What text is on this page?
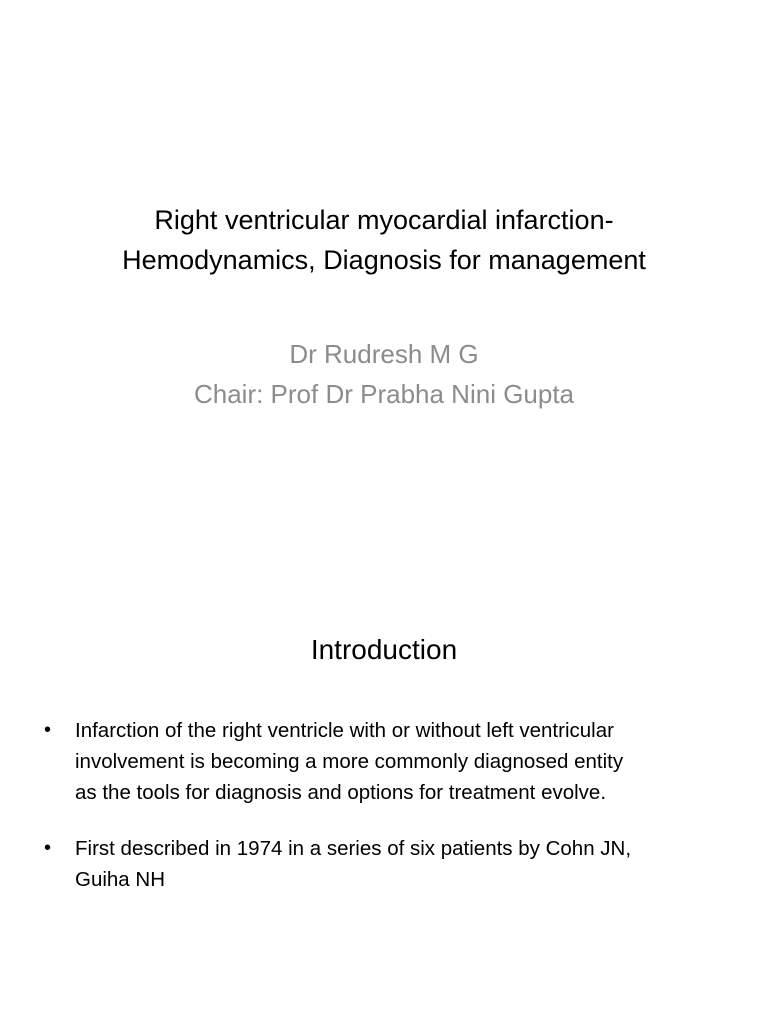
Right ventricular myocardial infarction-
Hemodynamics, Diagnosis for management
Dr Rudresh M G
Chair: Prof Dr Prabha Nini Gupta
Introduction
•	Infarction of the right ventricle with or without left ventricular
involvement is becoming a more commonly diagnosed entity
as the tools for diagnosis and options for treatment evolve.
•	First described in 1974 in a series of six patients by Cohn JN,
Guiha NH
